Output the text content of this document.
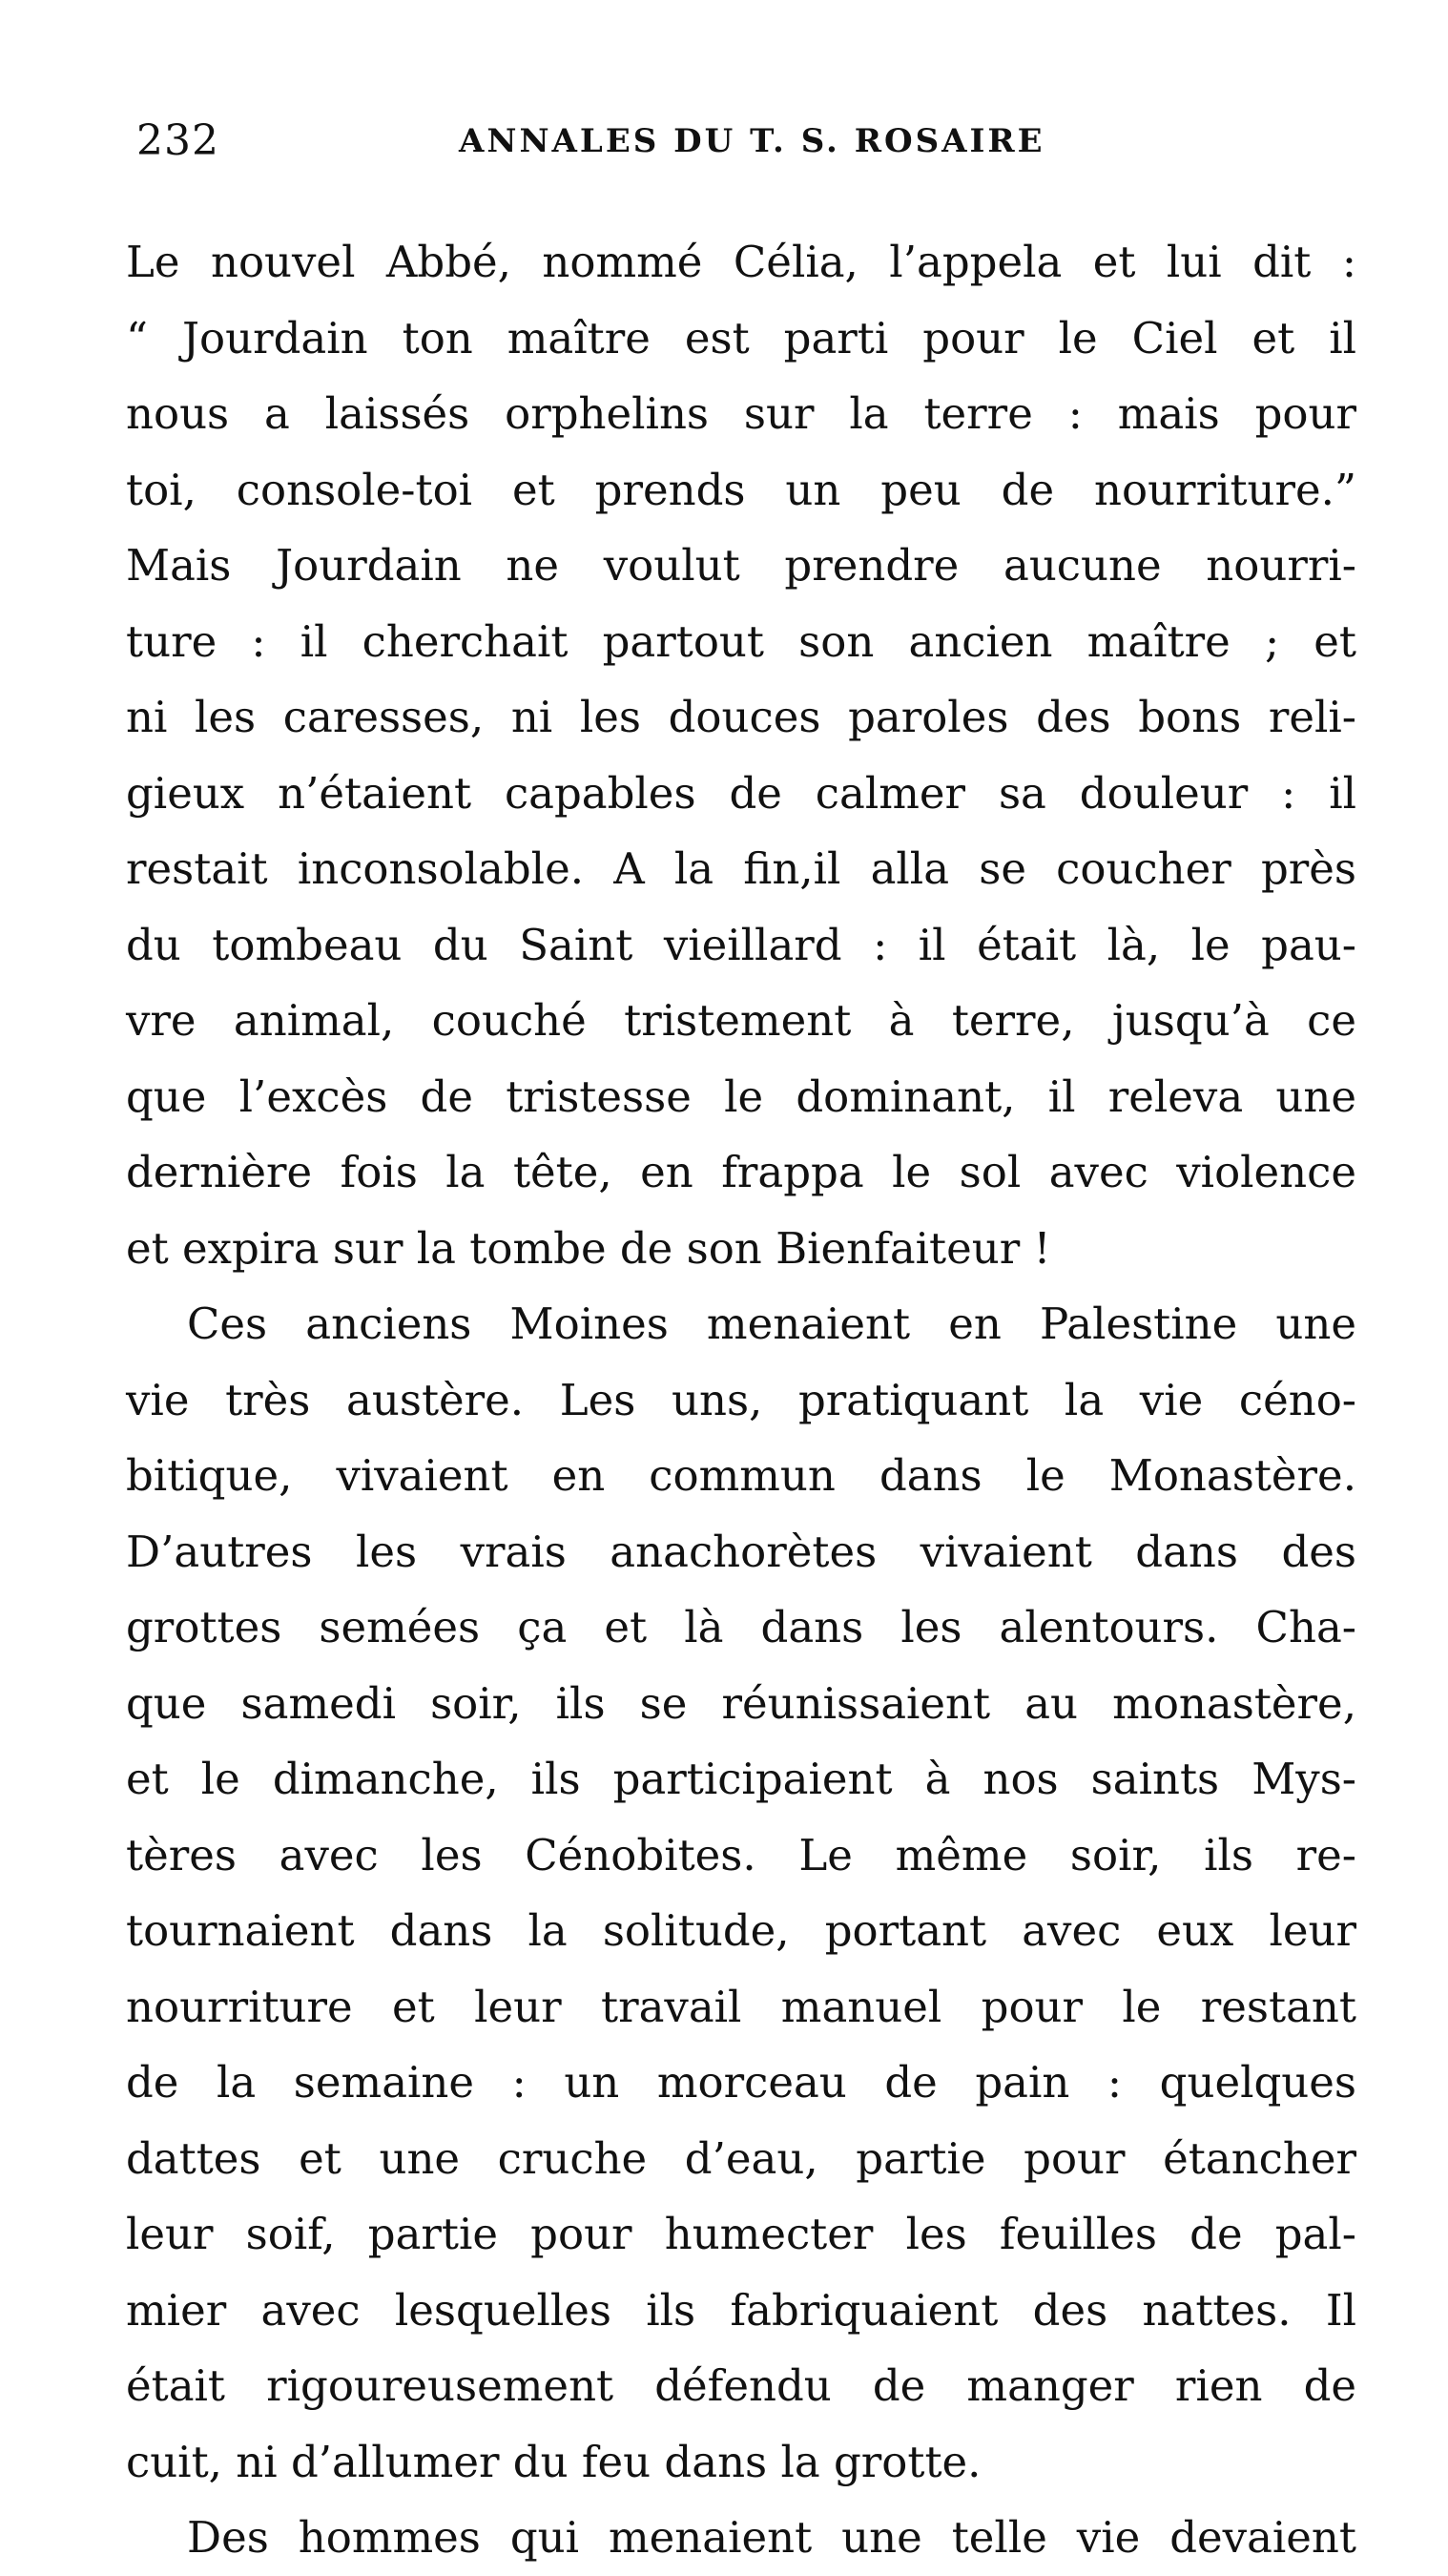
232	ANNALES DU T. S. ROSAIRE
Le nouvel Abbé, nommé Célia, l’appela et lui dit :
“ Jourdain ton maître est parti pour le Ciel et il
nous a laissés orphelins sur la terre : mais pour
toi, console-toi et prends un peu de nourriture.”
Mais Jourdain ne voulut prendre aucune nourri-
ture : il cherchait partout son ancien maître ; et
ni les caresses, ni les douces paroles des bons reli-
gieux n’étaient capables de calmer sa douleur : il
restait inconsolable. A la fin,il alla se coucher près
du tombeau du Saint vieillard : il était là, le pau-
vre animal, couché tristement à terre, jusqu’à ce
que l’excès de tristesse le dominant, il releva une
dernière fois la tête, en frappa le sol avec violence
et expira sur la tombe de son Bienfaiteur !
Ces anciens Moines menaient en Palestine une
vie très austère. Les uns, pratiquant la vie céno-
bitique, vivaient en commun dans le Monastère.
D’autres les vrais anachorètes vivaient dans des
grottes semées ça et là dans les alentours. Cha-
que samedi soir, ils se réunissaient au monastère,
et le dimanche, ils participaient à nos saints Mys-
tères avec les Cénobites. Le même soir, ils re-
tournaient dans la solitude, portant avec eux leur
nourriture et leur travail manuel pour le restant
de la semaine : un morceau de pain : quelques
dattes et une cruche d’eau, partie pour étancher
leur soif, partie pour humecter les feuilles de pal-
mier avec lesquelles ils fabriquaient des nattes. Il
était rigoureusement défendu de manger rien de
cuit, ni d’allumer du feu dans la grotte.
Des hommes qui menaient une telle vie devaient
